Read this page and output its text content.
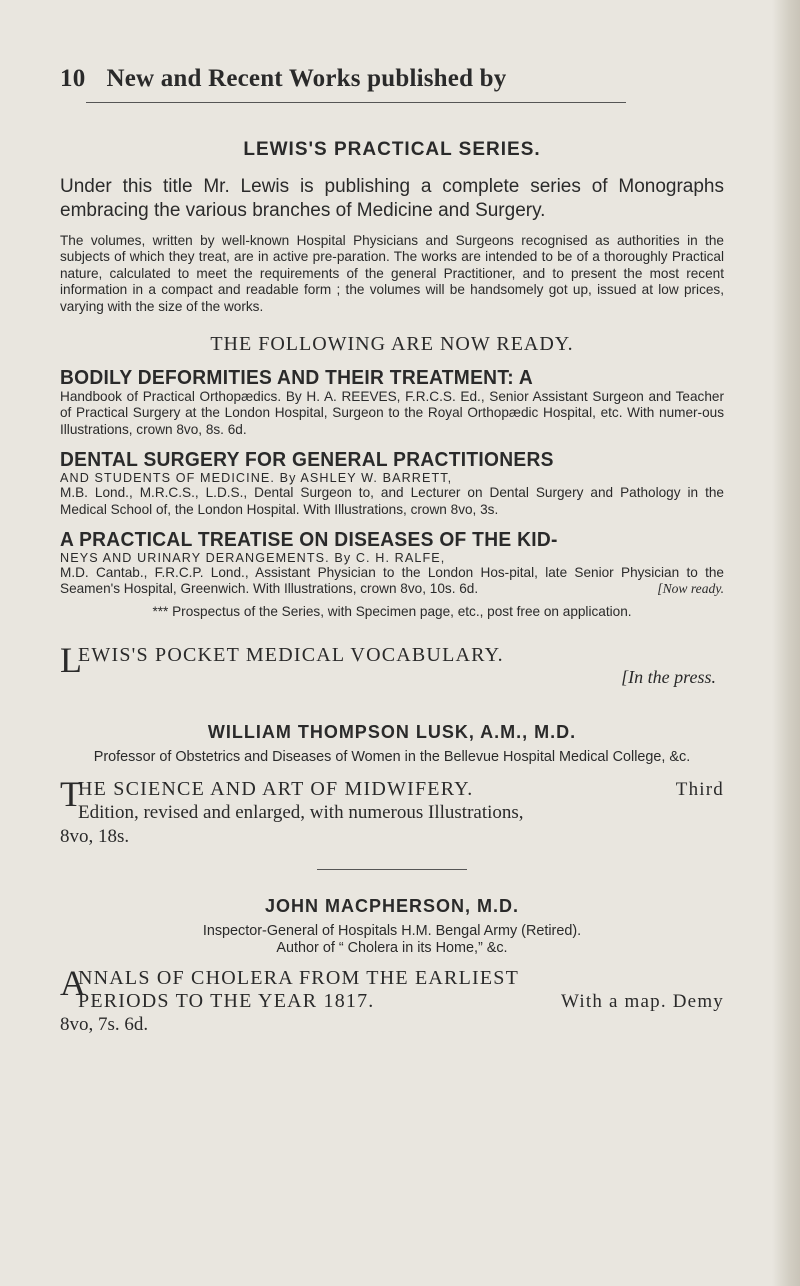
10 New and Recent Works published by
LEWIS'S PRACTICAL SERIES.

Under this title Mr. Lewis is publishing a complete series of Monographs embracing the various branches of Medicine and Surgery.

The volumes, written by well-known Hospital Physicians and Surgeons recognised as authorities in the subjects of which they treat, are in active pre-paration. The works are intended to be of a thoroughly Practical nature, calculated to meet the requirements of the general Practitioner, and to present the most recent information in a compact and readable form ; the volumes will be handsomely got up, issued at low prices, varying with the size of the works.

THE FOLLOWING ARE NOW READY.
BODILY DEFORMITIES AND THEIR TREATMENT: A
Handbook of Practical Orthopædics. By H. A. REEVES, F.R.C.S. Ed., Senior Assistant Surgeon and Teacher of Practical Surgery at the London Hospital, Surgeon to the Royal Orthopædic Hospital, etc. With numer-ous Illustrations, crown 8vo, 8s. 6d.
DENTAL SURGERY FOR GENERAL PRACTITIONERS
AND STUDENTS OF MEDICINE. By ASHLEY W. BARRETT,
M.B. Lond., M.R.C.S., L.D.S., Dental Surgeon to, and Lecturer on Dental Surgery and Pathology in the Medical School of, the London Hospital. With Illustrations, crown 8vo, 3s.
A PRACTICAL TREATISE ON DISEASES OF THE KID-
NEYS AND URINARY DERANGEMENTS. By C. H. RALFE,
M.D. Cantab., F.R.C.P. Lond., Assistant Physician to the London Hos-pital, late Senior Physician to the Seamen's Hospital, Greenwich. With Illustrations, crown 8vo, 10s. 6d.	[Now ready.
*** Prospectus of the Series, with Specimen page, etc., post free on application.
L
EWIS'S POCKET MEDICAL VOCABULARY.
[In the press.
WILLIAM THOMPSON LUSK, A.M., M.D.
Professor of Obstetrics and Diseases of Women in the Bellevue Hospital Medical College, &c.
T
HE SCIENCE AND ART OF MIDWIFERY.	Third
Edition, revised and enlarged, with numerous Illustrations,
8vo, 18s.
JOHN MACPHERSON, M.D.
Inspector-General of Hospitals H.M. Bengal Army (Retired).
Author of “ Cholera in its Home,” &c.
A
NNALS OF CHOLERA FROM THE EARLIEST
PERIODS TO THE YEAR 1817.	With a map. Demy
8vo, 7s. 6d.
